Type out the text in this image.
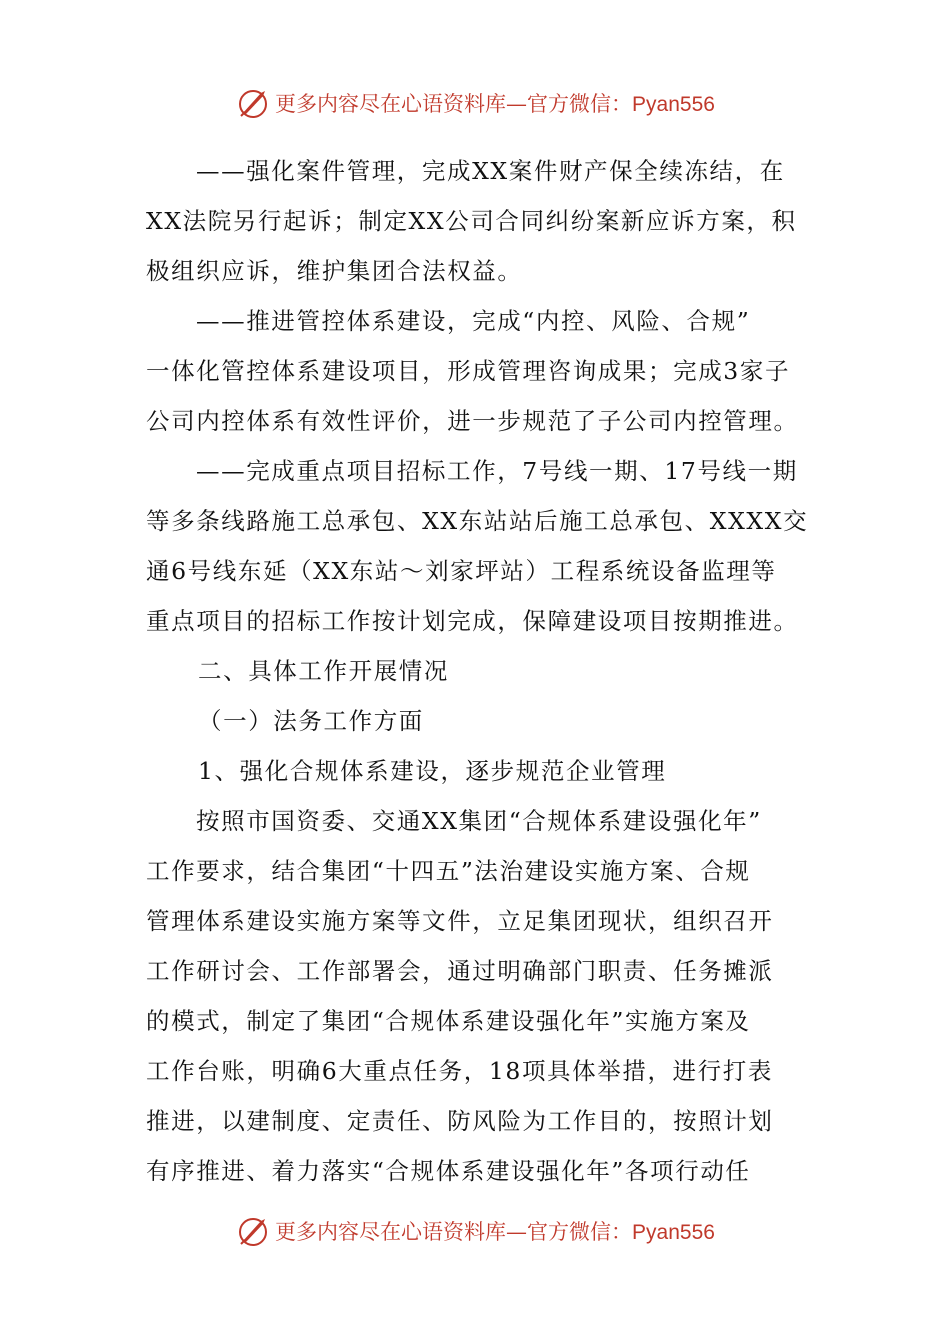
更多内容尽在心语资料库—官方微信：Pyan556
——强化案件管理，完成XX案件财产保全续冻结，在
XX法院另行起诉；制定XX公司合同纠纷案新应诉方案，积
极组织应诉，维护集团合法权益。
——推进管控体系建设，完成“内控、风险、合规”
一体化管控体系建设项目，形成管理咨询成果；完成3家子
公司内控体系有效性评价，进一步规范了子公司内控管理。
——完成重点项目招标工作，7号线一期、17号线一期
等多条线路施工总承包、XX东站站后施工总承包、XXXX交
通6号线东延（XX东站～刘家坪站）工程系统设备监理等
重点项目的招标工作按计划完成，保障建设项目按期推进。
二、具体工作开展情况
（一）法务工作方面
1、强化合规体系建设，逐步规范企业管理
按照市国资委、交通XX集团“合规体系建设强化年”
工作要求，结合集团“十四五”法治建设实施方案、合规
管理体系建设实施方案等文件，立足集团现状，组织召开
工作研讨会、工作部署会，通过明确部门职责、任务摊派
的模式，制定了集团“合规体系建设强化年”实施方案及
工作台账，明确6大重点任务，18项具体举措，进行打表
推进，以建制度、定责任、防风险为工作目的，按照计划
有序推进、着力落实“合规体系建设强化年”各项行动任
更多内容尽在心语资料库—官方微信：Pyan556
